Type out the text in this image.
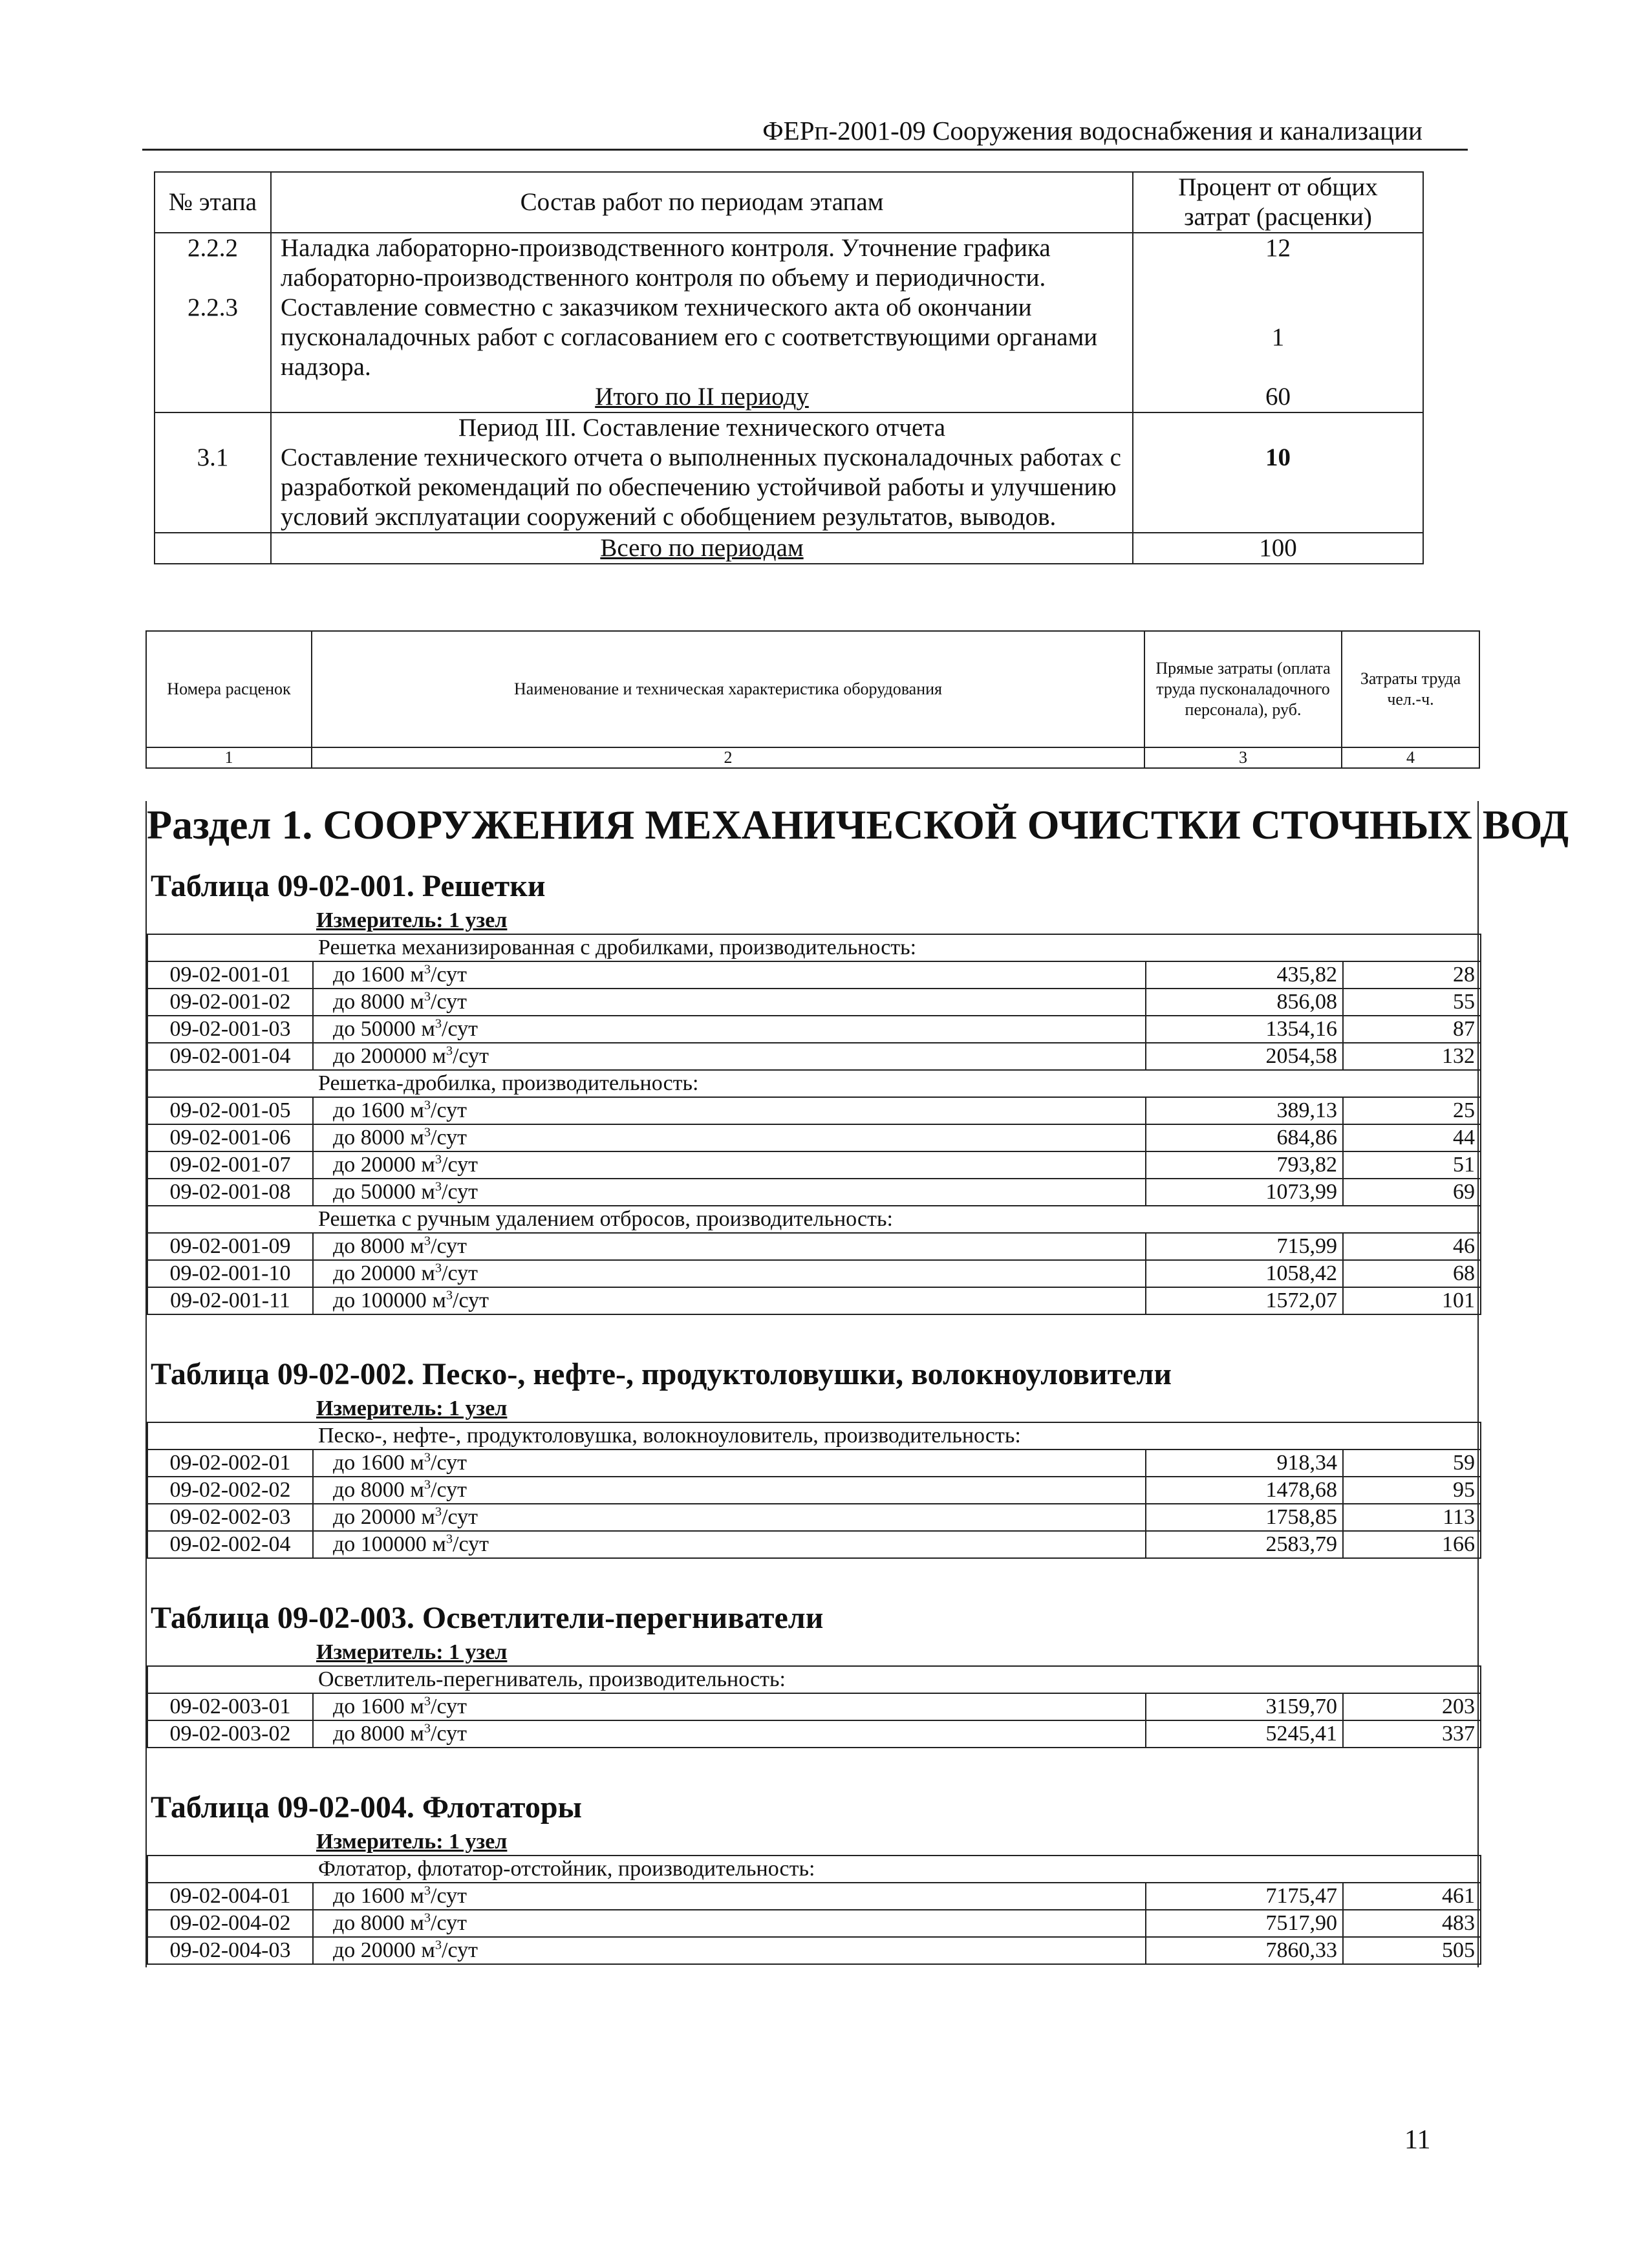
ФЕРп-2001-09 Сооружения водоснабжения и канализации
№ этапа	Состав работ по периодам этапам	Процент от общих затрат (расценки)
2.2.2	Наладка лабораторно-производственного контроля. Уточнение графика лабораторно-производственного контроля по объему и периодичности.	12
2.2.3	Составление совместно с заказчиком технического акта об окончании пусконаладочных работ с согласованием его с соответствующими органами надзора.	1
	Итого по II периоду	60
	Период III. Составление технического отчета	
3.1	Составление технического отчета о выполненных пусконаладочных работах с разработкой рекомендаций по обеспечению устойчивой работы и улучшению условий эксплуатации сооружений с обобщением результатов, выводов.	10
	Всего по периодам	100
Номера расценок	Наименование и техническая характеристика оборудования	Прямые затраты (оплата труда пусконаладочного персонала), руб.	Затраты труда чел.-ч.
1	2	3	4
Раздел 1. СООРУЖЕНИЯ МЕХАНИЧЕСКОЙ ОЧИСТКИ СТОЧНЫХ ВОД
Таблица 09-02-001. Решетки
Измеритель: 1 узел
	Решетка механизированная с дробилками, производительность:		
09-02-001-01	до 1600 $м^3$/сут	435,82	28
09-02-001-02	до 8000 $м^3$/сут	856,08	55
09-02-001-03	до 50000 $м^3$/сут	1354,16	87
09-02-001-04	до 200000 $м^3$/сут	2054,58	132
	Решетка-дробилка, производительность:		
09-02-001-05	до 1600 $м^3$/сут	389,13	25
09-02-001-06	до 8000 $м^3$/сут	684,86	44
09-02-001-07	до 20000 $м^3$/сут	793,82	51
09-02-001-08	до 50000 $м^3$/сут	1073,99	69
	Решетка с ручным удалением отбросов, производительность:		
09-02-001-09	до 8000 $м^3$/сут	715,99	46
09-02-001-10	до 20000 $м^3$/сут	1058,42	68
09-02-001-11	до 100000 $м^3$/сут	1572,07	101
Таблица 09-02-002. Песко-, нефте-, продуктоловушки, волокноуловители
Измеритель: 1 узел
	Песко-, нефте-, продуктоловушка, волокноуловитель, производительность:		
09-02-002-01	до 1600 $м^3$/сут	918,34	59
09-02-002-02	до 8000 $м^3$/сут	1478,68	95
09-02-002-03	до 20000 $м^3$/сут	1758,85	113
09-02-002-04	до 100000 $м^3$/сут	2583,79	166
Таблица 09-02-003. Осветлители-перегниватели
Измеритель: 1 узел
	Осветлитель-перегниватель, производительность:		
09-02-003-01	до 1600 $м^3$/сут	3159,70	203
09-02-003-02	до 8000 $м^3$/сут	5245,41	337
Таблица 09-02-004. Флотаторы
Измеритель: 1 узел
	Флотатор, флотатор-отстойник, производительность:		
09-02-004-01	до 1600 $м^3$/сут	7175,47	461
09-02-004-02	до 8000 $м^3$/сут	7517,90	483
09-02-004-03	до 20000 $м^3$/сут	7860,33	505
11
